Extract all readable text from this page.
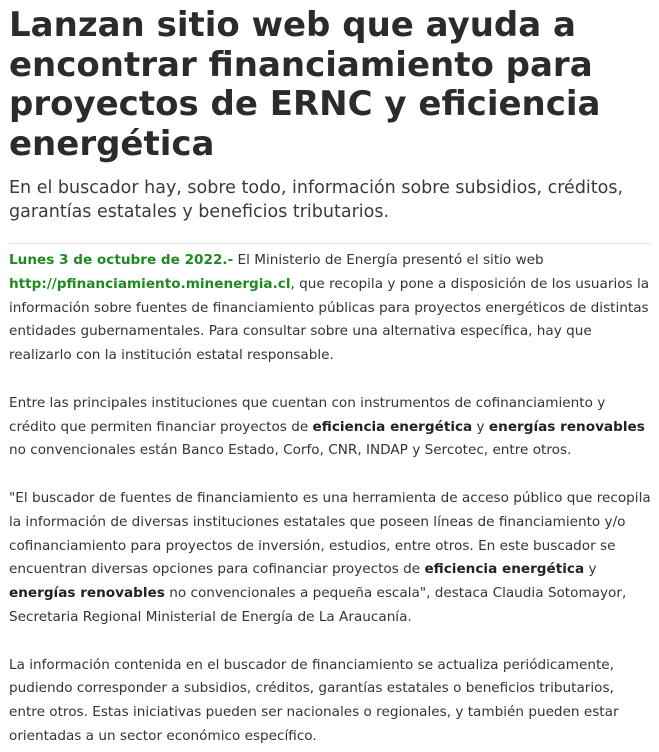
Lanzan sitio web que ayuda a encontrar financiamiento para proyectos de ERNC y eficiencia energética
En el buscador hay, sobre todo, información sobre subsidios, créditos, garantías estatales y beneficios tributarios.

Lunes 3 de octubre de 2022.- El Ministerio de Energía presentó el sitio web http://pfinanciamiento.minenergia.cl, que recopila y pone a disposición de los usuarios la información sobre fuentes de financiamiento públicas para proyectos energéticos de distintas entidades gubernamentales. Para consultar sobre una alternativa específica, hay que realizarlo con la institución estatal responsable.

Entre las principales instituciones que cuentan con instrumentos de cofinanciamiento y crédito que permiten financiar proyectos de eficiencia energética y energías renovables no convencionales están Banco Estado, Corfo, CNR, INDAP y Sercotec, entre otros.

"El buscador de fuentes de financiamiento es una herramienta de acceso público que recopila la información de diversas instituciones estatales que poseen líneas de financiamiento y/o cofinanciamiento para proyectos de inversión, estudios, entre otros. En este buscador se encuentran diversas opciones para cofinanciar proyectos de eficiencia energética y energías renovables no convencionales a pequeña escala", destaca Claudia Sotomayor, Secretaria Regional Ministerial de Energía de La Araucanía.

La información contenida en el buscador de financiamiento se actualiza periódicamente, pudiendo corresponder a subsidios, créditos, garantías estatales o beneficios tributarios, entre otros. Estas iniciativas pueden ser nacionales o regionales, y también pueden estar orientadas a un sector económico específico.
